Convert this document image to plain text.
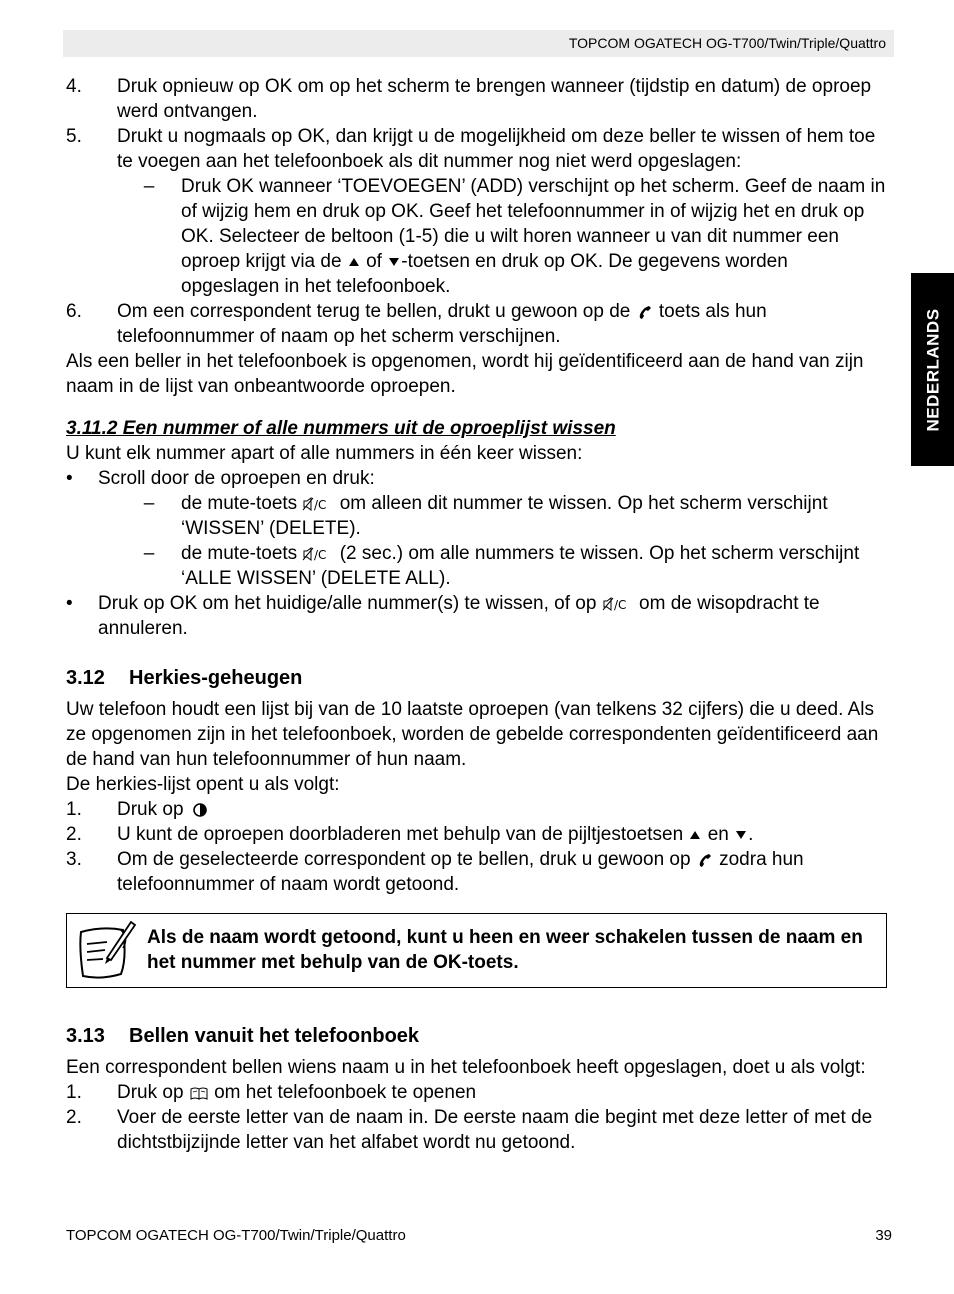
TOPCOM OGATECH OG-T700/Twin/Triple/Quattro
NEDERLANDS
4.	Druk opnieuw op OK om op het scherm te brengen wanneer (tijdstip en datum) de oproep werd ontvangen.
5.	Drukt u nogmaals op OK, dan krijgt u de mogelijkheid om deze beller te wissen of hem toe te voegen aan het telefoonboek als dit nummer nog niet werd opgeslagen:
–	Druk OK wanneer ‘TOEVOEGEN’ (ADD) verschijnt op het scherm. Geef de naam in of wijzig hem en druk op OK. Geef het telefoonnummer in of wijzig het en druk op OK. Selecteer de beltoon (1-5) die u wilt horen wanneer u van dit nummer een oproep krijgt via de of -toetsen en druk op OK. De gegevens worden opgeslagen in het telefoonboek.
6.	Om een correspondent terug te bellen, drukt u gewoon op de toets als hun telefoonnummer of naam op het scherm verschijnen.
Als een beller in het telefoonboek is opgenomen, wordt hij geïdentificeerd aan de hand van zijn naam in de lijst van onbeantwoorde oproepen.
3.11.2 Een nummer of alle nummers uit de oproeplijst wissen
U kunt elk nummer apart of alle nummers in één keer wissen:
•	Scroll door de oproepen en druk:
–	de mute-toets /C om alleen dit nummer te wissen. Op het scherm verschijnt ‘WISSEN’ (DELETE).
–	de mute-toets /C (2 sec.) om alle nummers te wissen. Op het scherm verschijnt ‘ALLE WISSEN’ (DELETE ALL).
•	Druk op OK om het huidige/alle nummer(s) te wissen, of op /C om de wisopdracht te annuleren.
3.12 Herkies-geheugen
Uw telefoon houdt een lijst bij van de 10 laatste oproepen (van telkens 32 cijfers) die u deed. Als ze opgenomen zijn in het telefoonboek, worden de gebelde correspondenten geïdentificeerd aan de hand van hun telefoonnummer of hun naam.
De herkies-lijst opent u als volgt:
1.	Druk op
2.	U kunt de oproepen doorbladeren met behulp van de pijltjestoetsen en .
3.	Om de geselecteerde correspondent op te bellen, druk u gewoon op zodra hun telefoonnummer of naam wordt getoond.
Als de naam wordt getoond, kunt u heen en weer schakelen tussen de naam en het nummer met behulp van de OK-toets.
3.13 Bellen vanuit het telefoonboek
Een correspondent bellen wiens naam u in het telefoonboek heeft opgeslagen, doet u als volgt:
1.	Druk op om het telefoonboek te openen
2.	Voer de eerste letter van de naam in. De eerste naam die begint met deze letter of met de dichtstbijzijnde letter van het alfabet wordt nu getoond.
TOPCOM OGATECH OG-T700/Twin/Triple/Quattro	39
